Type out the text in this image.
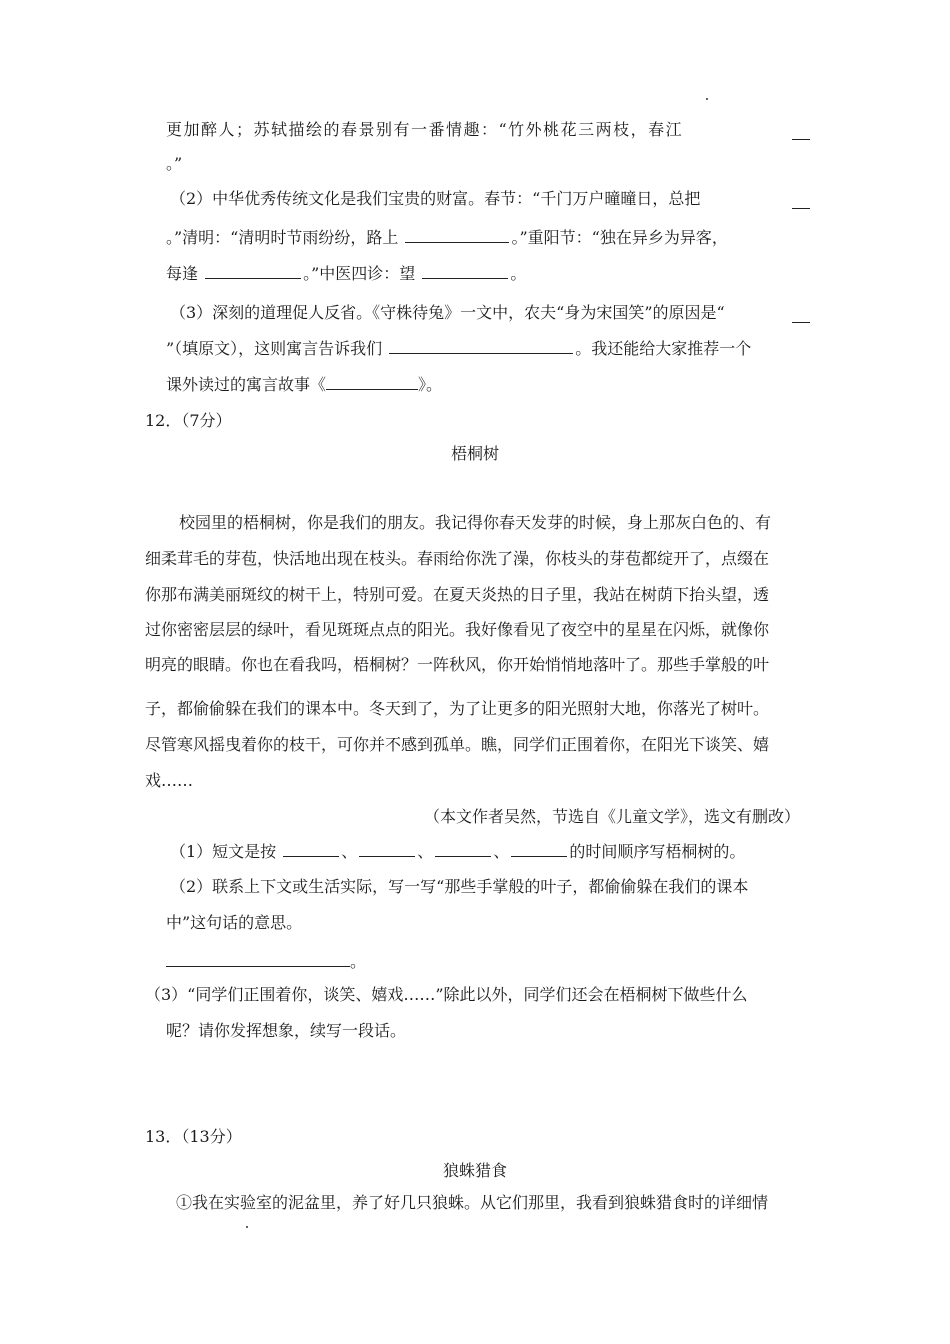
更加醉人；苏轼描绘的春景别有一番情趣：“竹外桃花三两枝，春江
。”
（2）中华优秀传统文化是我们宝贵的财富。春节：“千门万户曈曈日，总把
。”清明：“清明时节雨纷纷，路上	。”重阳节：“独在异乡为异客，
每逢	。”中医四诊：望	。
（3）深刻的道理促人反省。《守株待兔》一文中，农夫“身为宋国笑”的原因是“
”（填原文），这则寓言告诉我们	。我还能给大家推荐一个
课外读过的寓言故事《	》。
12．（7分）
梧桐树
校园里的梧桐树，你是我们的朋友。我记得你春天发芽的时候，身上那灰白色的、有
细柔茸毛的芽苞，快活地出现在枝头。春雨给你洗了澡，你枝头的芽苞都绽开了，点缀在
你那布满美丽斑纹的树干上，特别可爱。在夏天炎热的日子里，我站在树荫下抬头望，透
过你密密层层的绿叶，看见斑斑点点的阳光。我好像看见了夜空中的星星在闪烁，就像你
明亮的眼睛。你也在看我吗，梧桐树？一阵秋风，你开始悄悄地落叶了。那些手掌般的叶
子，都偷偷躲在我们的课本中。冬天到了，为了让更多的阳光照射大地，你落光了树叶。
尽管寒风摇曳着你的枝干，可你并不感到孤单。瞧，同学们正围着你，在阳光下谈笑、嬉
戏……
（本文作者吴然，节选自《儿童文学》，选文有删改）
（1）短文是按	、	、	、	的时间顺序写梧桐树的。
（2）联系上下文或生活实际，写一写“那些手掌般的叶子，都偷偷躲在我们的课本
中”这句话的意思。
。
（3）“同学们正围着你，谈笑、嬉戏……”除此以外，同学们还会在梧桐树下做些什么
呢？请你发挥想象，续写一段话。
13．（13分）
狼蛛猎食
①我在实验室的泥盆里，养了好几只狼蛛。从它们那里，我看到狼蛛猎食时的详细情
